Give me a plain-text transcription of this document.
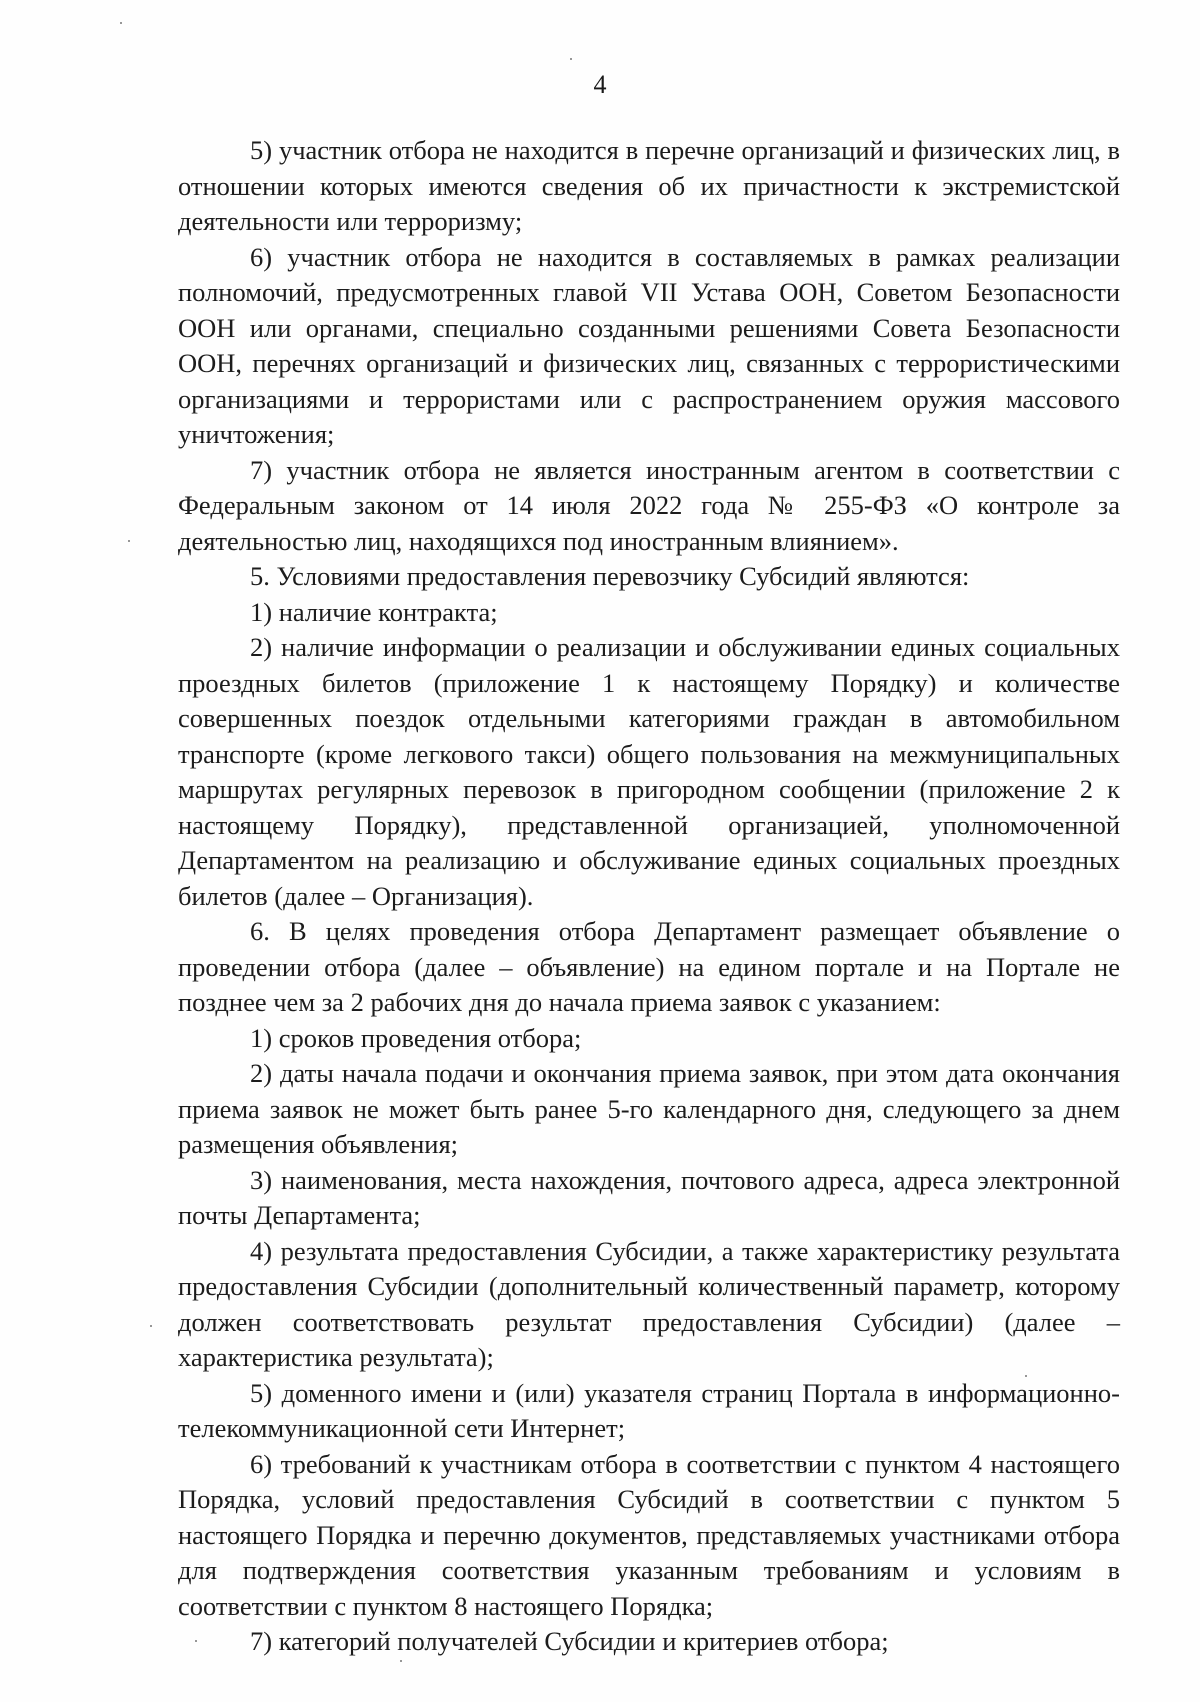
4

5) участник отбора не находится в перечне организаций и физических лиц, в отношении которых имеются сведения об их причастности к экстремистской деятельности или терроризму;

6) участник отбора не находится в составляемых в рамках реализации полномочий, предусмотренных главой VII Устава ООН, Советом Безопасности ООН или органами, специально созданными решениями Совета Безопасности ООН, перечнях организаций и физических лиц, связанных с террористическими организациями и террористами или с распространением оружия массового уничтожения;

7) участник отбора не является иностранным агентом в соответствии с Федеральным законом от 14 июля 2022 года № 255-ФЗ «О контроле за деятельностью лиц, находящихся под иностранным влиянием».

5. Условиями предоставления перевозчику Субсидий являются:

1) наличие контракта;

2) наличие информации о реализации и обслуживании единых социальных проездных билетов (приложение 1 к настоящему Порядку) и количестве совершенных поездок отдельными категориями граждан в автомобильном транспорте (кроме легкового такси) общего пользования на межмуниципальных маршрутах регулярных перевозок в пригородном сообщении (приложение 2 к настоящему Порядку), представленной организацией, уполномоченной Департаментом на реализацию и обслуживание единых социальных проездных билетов (далее – Организация).

6. В целях проведения отбора Департамент размещает объявление о проведении отбора (далее – объявление) на едином портале и на Портале не позднее чем за 2 рабочих дня до начала приема заявок с указанием:

1) сроков проведения отбора;

2) даты начала подачи и окончания приема заявок, при этом дата окончания приема заявок не может быть ранее 5-го календарного дня, следующего за днем размещения объявления;

3) наименования, места нахождения, почтового адреса, адреса электронной почты Департамента;

4) результата предоставления Субсидии, а также характеристику результата предоставления Субсидии (дополнительный количественный параметр, которому должен соответствовать результат предоставления Субсидии) (далее – характеристика результата);

5) доменного имени и (или) указателя страниц Портала в информационно-телекоммуникационной сети Интернет;

6) требований к участникам отбора в соответствии с пунктом 4 настоящего Порядка, условий предоставления Субсидий в соответствии с пунктом 5 настоящего Порядка и перечню документов, представляемых участниками отбора для подтверждения соответствия указанным требованиям и условиям в соответствии с пунктом 8 настоящего Порядка;

7) категорий получателей Субсидии и критериев отбора;
